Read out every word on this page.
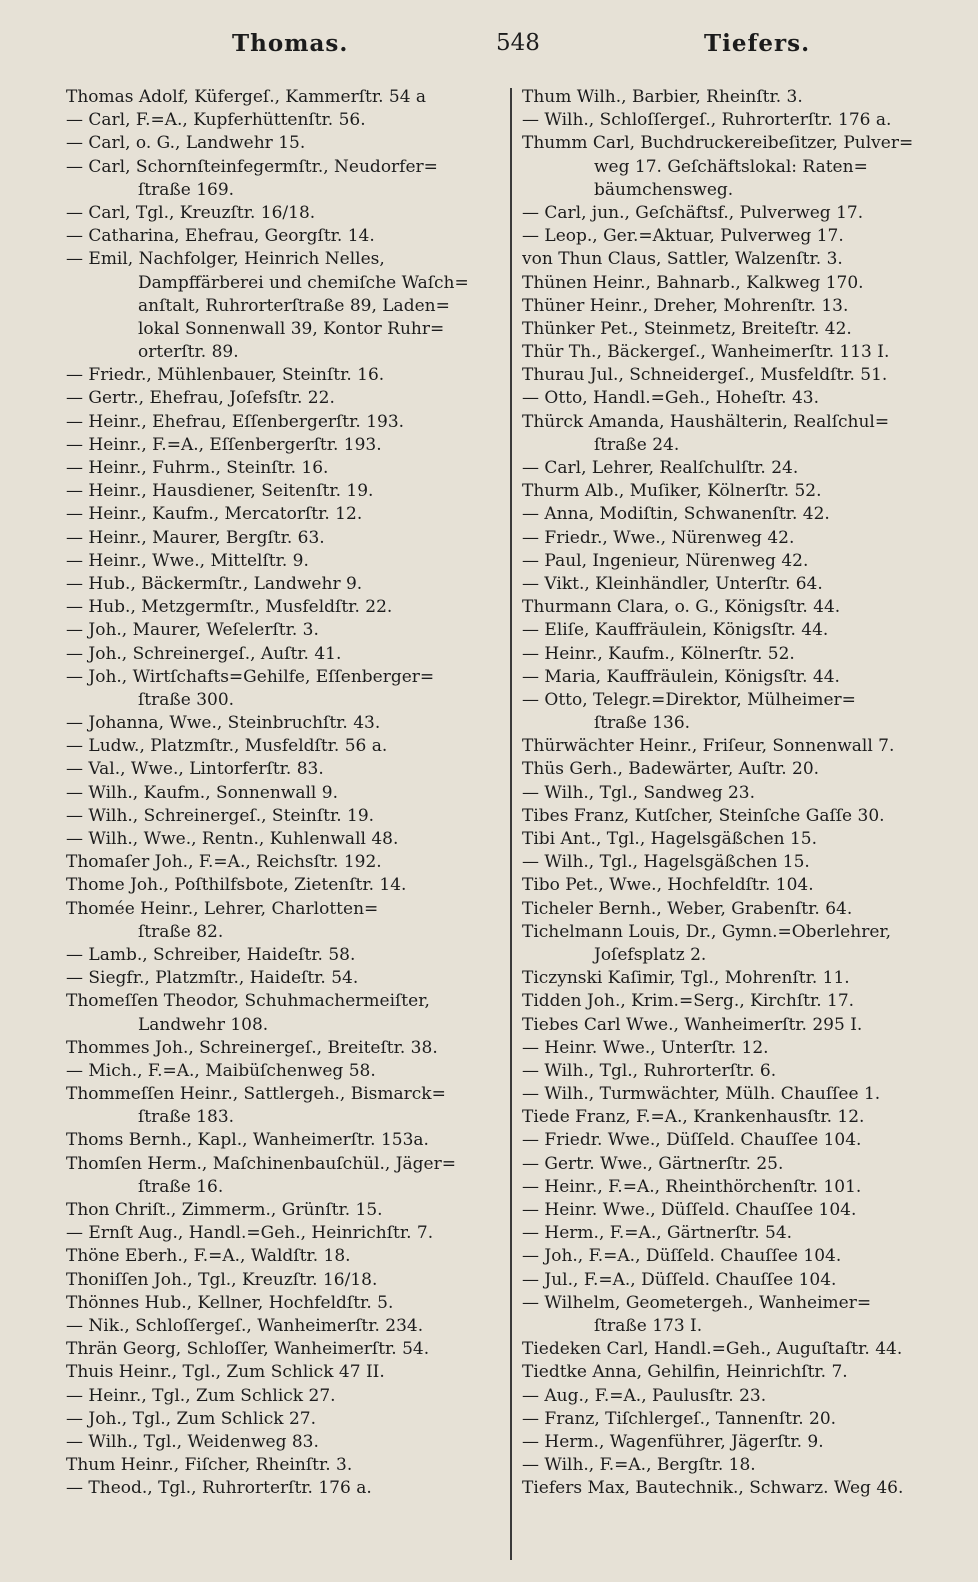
Thomas.	548	Tiefers.
Thomas Adolf, Küfergeſ., Kammerſtr. 54 a
— Carl, F.=A., Kupferhüttenſtr. 56.
— Carl, o. G., Landwehr 15.
— Carl, Schornſteinfegermſtr., Neudorfer=
ſtraße 169.
— Carl, Tgl., Kreuzſtr. 16/18.
— Catharina, Ehefrau, Georgſtr. 14.
— Emil, Nachfolger, Heinrich Nelles,
Dampffärberei und chemiſche Waſch=
anſtalt, Ruhrorterſtraße 89, Laden=
lokal Sonnenwall 39, Kontor Ruhr=
orterſtr. 89.
— Friedr., Mühlenbauer, Steinſtr. 16.
— Gertr., Ehefrau, Joſefsſtr. 22.
— Heinr., Ehefrau, Eſſenbergerſtr. 193.
— Heinr., F.=A., Eſſenbergerſtr. 193.
— Heinr., Fuhrm., Steinſtr. 16.
— Heinr., Hausdiener, Seitenſtr. 19.
— Heinr., Kaufm., Mercatorſtr. 12.
— Heinr., Maurer, Bergſtr. 63.
— Heinr., Wwe., Mittelſtr. 9.
— Hub., Bäckermſtr., Landwehr 9.
— Hub., Metzgermſtr., Musfeldſtr. 22.
— Joh., Maurer, Weſelerſtr. 3.
— Joh., Schreinergeſ., Auſtr. 41.
— Joh., Wirtſchafts=Gehilfe, Eſſenberger=
ſtraße 300.
— Johanna, Wwe., Steinbruchſtr. 43.
— Ludw., Platzmſtr., Musfeldſtr. 56 a.
— Val., Wwe., Lintorferſtr. 83.
— Wilh., Kaufm., Sonnenwall 9.
— Wilh., Schreinergeſ., Steinſtr. 19.
— Wilh., Wwe., Rentn., Kuhlenwall 48.
Thomaſer Joh., F.=A., Reichsſtr. 192.
Thome Joh., Poſthilfsbote, Zietenſtr. 14.
Thomée Heinr., Lehrer, Charlotten=
ſtraße 82.
— Lamb., Schreiber, Haideſtr. 58.
— Siegfr., Platzmſtr., Haideſtr. 54.
Thomeſſen Theodor, Schuhmachermeiſter,
Landwehr 108.
Thommes Joh., Schreinergeſ., Breiteſtr. 38.
— Mich., F.=A., Maibüſchenweg 58.
Thommeſſen Heinr., Sattlergeh., Bismarck=
ſtraße 183.
Thoms Bernh., Kapl., Wanheimerſtr. 153a.
Thomſen Herm., Maſchinenbauſchül., Jäger=
ſtraße 16.
Thon Chriſt., Zimmerm., Grünſtr. 15.
— Ernſt Aug., Handl.=Geh., Heinrichſtr. 7.
Thöne Eberh., F.=A., Waldſtr. 18.
Thoniſſen Joh., Tgl., Kreuzſtr. 16/18.
Thönnes Hub., Kellner, Hochfeldſtr. 5.
— Nik., Schloſſergeſ., Wanheimerſtr. 234.
Thrän Georg, Schloſſer, Wanheimerſtr. 54.
Thuis Heinr., Tgl., Zum Schlick 47 II.
— Heinr., Tgl., Zum Schlick 27.
— Joh., Tgl., Zum Schlick 27.
— Wilh., Tgl., Weidenweg 83.
Thum Heinr., Fiſcher, Rheinſtr. 3.
— Theod., Tgl., Ruhrorterſtr. 176 a.
Thum Wilh., Barbier, Rheinſtr. 3.
— Wilh., Schloſſergeſ., Ruhrorterſtr. 176 a.
Thumm Carl, Buchdruckereibeſitzer, Pulver=
weg 17. Geſchäftslokal: Raten=
bäumchensweg.
— Carl, jun., Geſchäftsf., Pulverweg 17.
— Leop., Ger.=Aktuar, Pulverweg 17.
von Thun Claus, Sattler, Walzenſtr. 3.
Thünen Heinr., Bahnarb., Kalkweg 170.
Thüner Heinr., Dreher, Mohrenſtr. 13.
Thünker Pet., Steinmetz, Breiteſtr. 42.
Thür Th., Bäckergeſ., Wanheimerſtr. 113 I.
Thurau Jul., Schneidergeſ., Musfeldſtr. 51.
— Otto, Handl.=Geh., Hoheſtr. 43.
Thürck Amanda, Haushälterin, Realſchul=
ſtraße 24.
— Carl, Lehrer, Realſchulſtr. 24.
Thurm Alb., Muſiker, Kölnerſtr. 52.
— Anna, Modiſtin, Schwanenſtr. 42.
— Friedr., Wwe., Nürenweg 42.
— Paul, Ingenieur, Nürenweg 42.
— Vikt., Kleinhändler, Unterſtr. 64.
Thurmann Clara, o. G., Königsſtr. 44.
— Eliſe, Kauffräulein, Königsſtr. 44.
— Heinr., Kaufm., Kölnerſtr. 52.
— Maria, Kauffräulein, Königsſtr. 44.
— Otto, Telegr.=Direktor, Mülheimer=
ſtraße 136.
Thürwächter Heinr., Friſeur, Sonnenwall 7.
Thüs Gerh., Badewärter, Auſtr. 20.
— Wilh., Tgl., Sandweg 23.
Tibes Franz, Kutſcher, Steinſche Gaſſe 30.
Tibi Ant., Tgl., Hagelsgäßchen 15.
— Wilh., Tgl., Hagelsgäßchen 15.
Tibo Pet., Wwe., Hochfeldſtr. 104.
Ticheler Bernh., Weber, Grabenſtr. 64.
Tichelmann Louis, Dr., Gymn.=Oberlehrer,
Joſefsplatz 2.
Ticzynski Kaſimir, Tgl., Mohrenſtr. 11.
Tidden Joh., Krim.=Serg., Kirchſtr. 17.
Tiebes Carl Wwe., Wanheimerſtr. 295 I.
— Heinr. Wwe., Unterſtr. 12.
— Wilh., Tgl., Ruhrorterſtr. 6.
— Wilh., Turmwächter, Mülh. Chauſſee 1.
Tiede Franz, F.=A., Krankenhausſtr. 12.
— Friedr. Wwe., Düſſeld. Chauſſee 104.
— Gertr. Wwe., Gärtnerſtr. 25.
— Heinr., F.=A., Rheinthörchenſtr. 101.
— Heinr. Wwe., Düſſeld. Chauſſee 104.
— Herm., F.=A., Gärtnerſtr. 54.
— Joh., F.=A., Düſſeld. Chauſſee 104.
— Jul., F.=A., Düſſeld. Chauſſee 104.
— Wilhelm, Geometergeh., Wanheimer=
ſtraße 173 I.
Tiedeken Carl, Handl.=Geh., Auguſtaſtr. 44.
Tiedtke Anna, Gehilfin, Heinrichſtr. 7.
— Aug., F.=A., Paulusſtr. 23.
— Franz, Tiſchlergeſ., Tannenſtr. 20.
— Herm., Wagenführer, Jägerſtr. 9.
— Wilh., F.=A., Bergſtr. 18.
Tiefers Max, Bautechnik., Schwarz. Weg 46.
